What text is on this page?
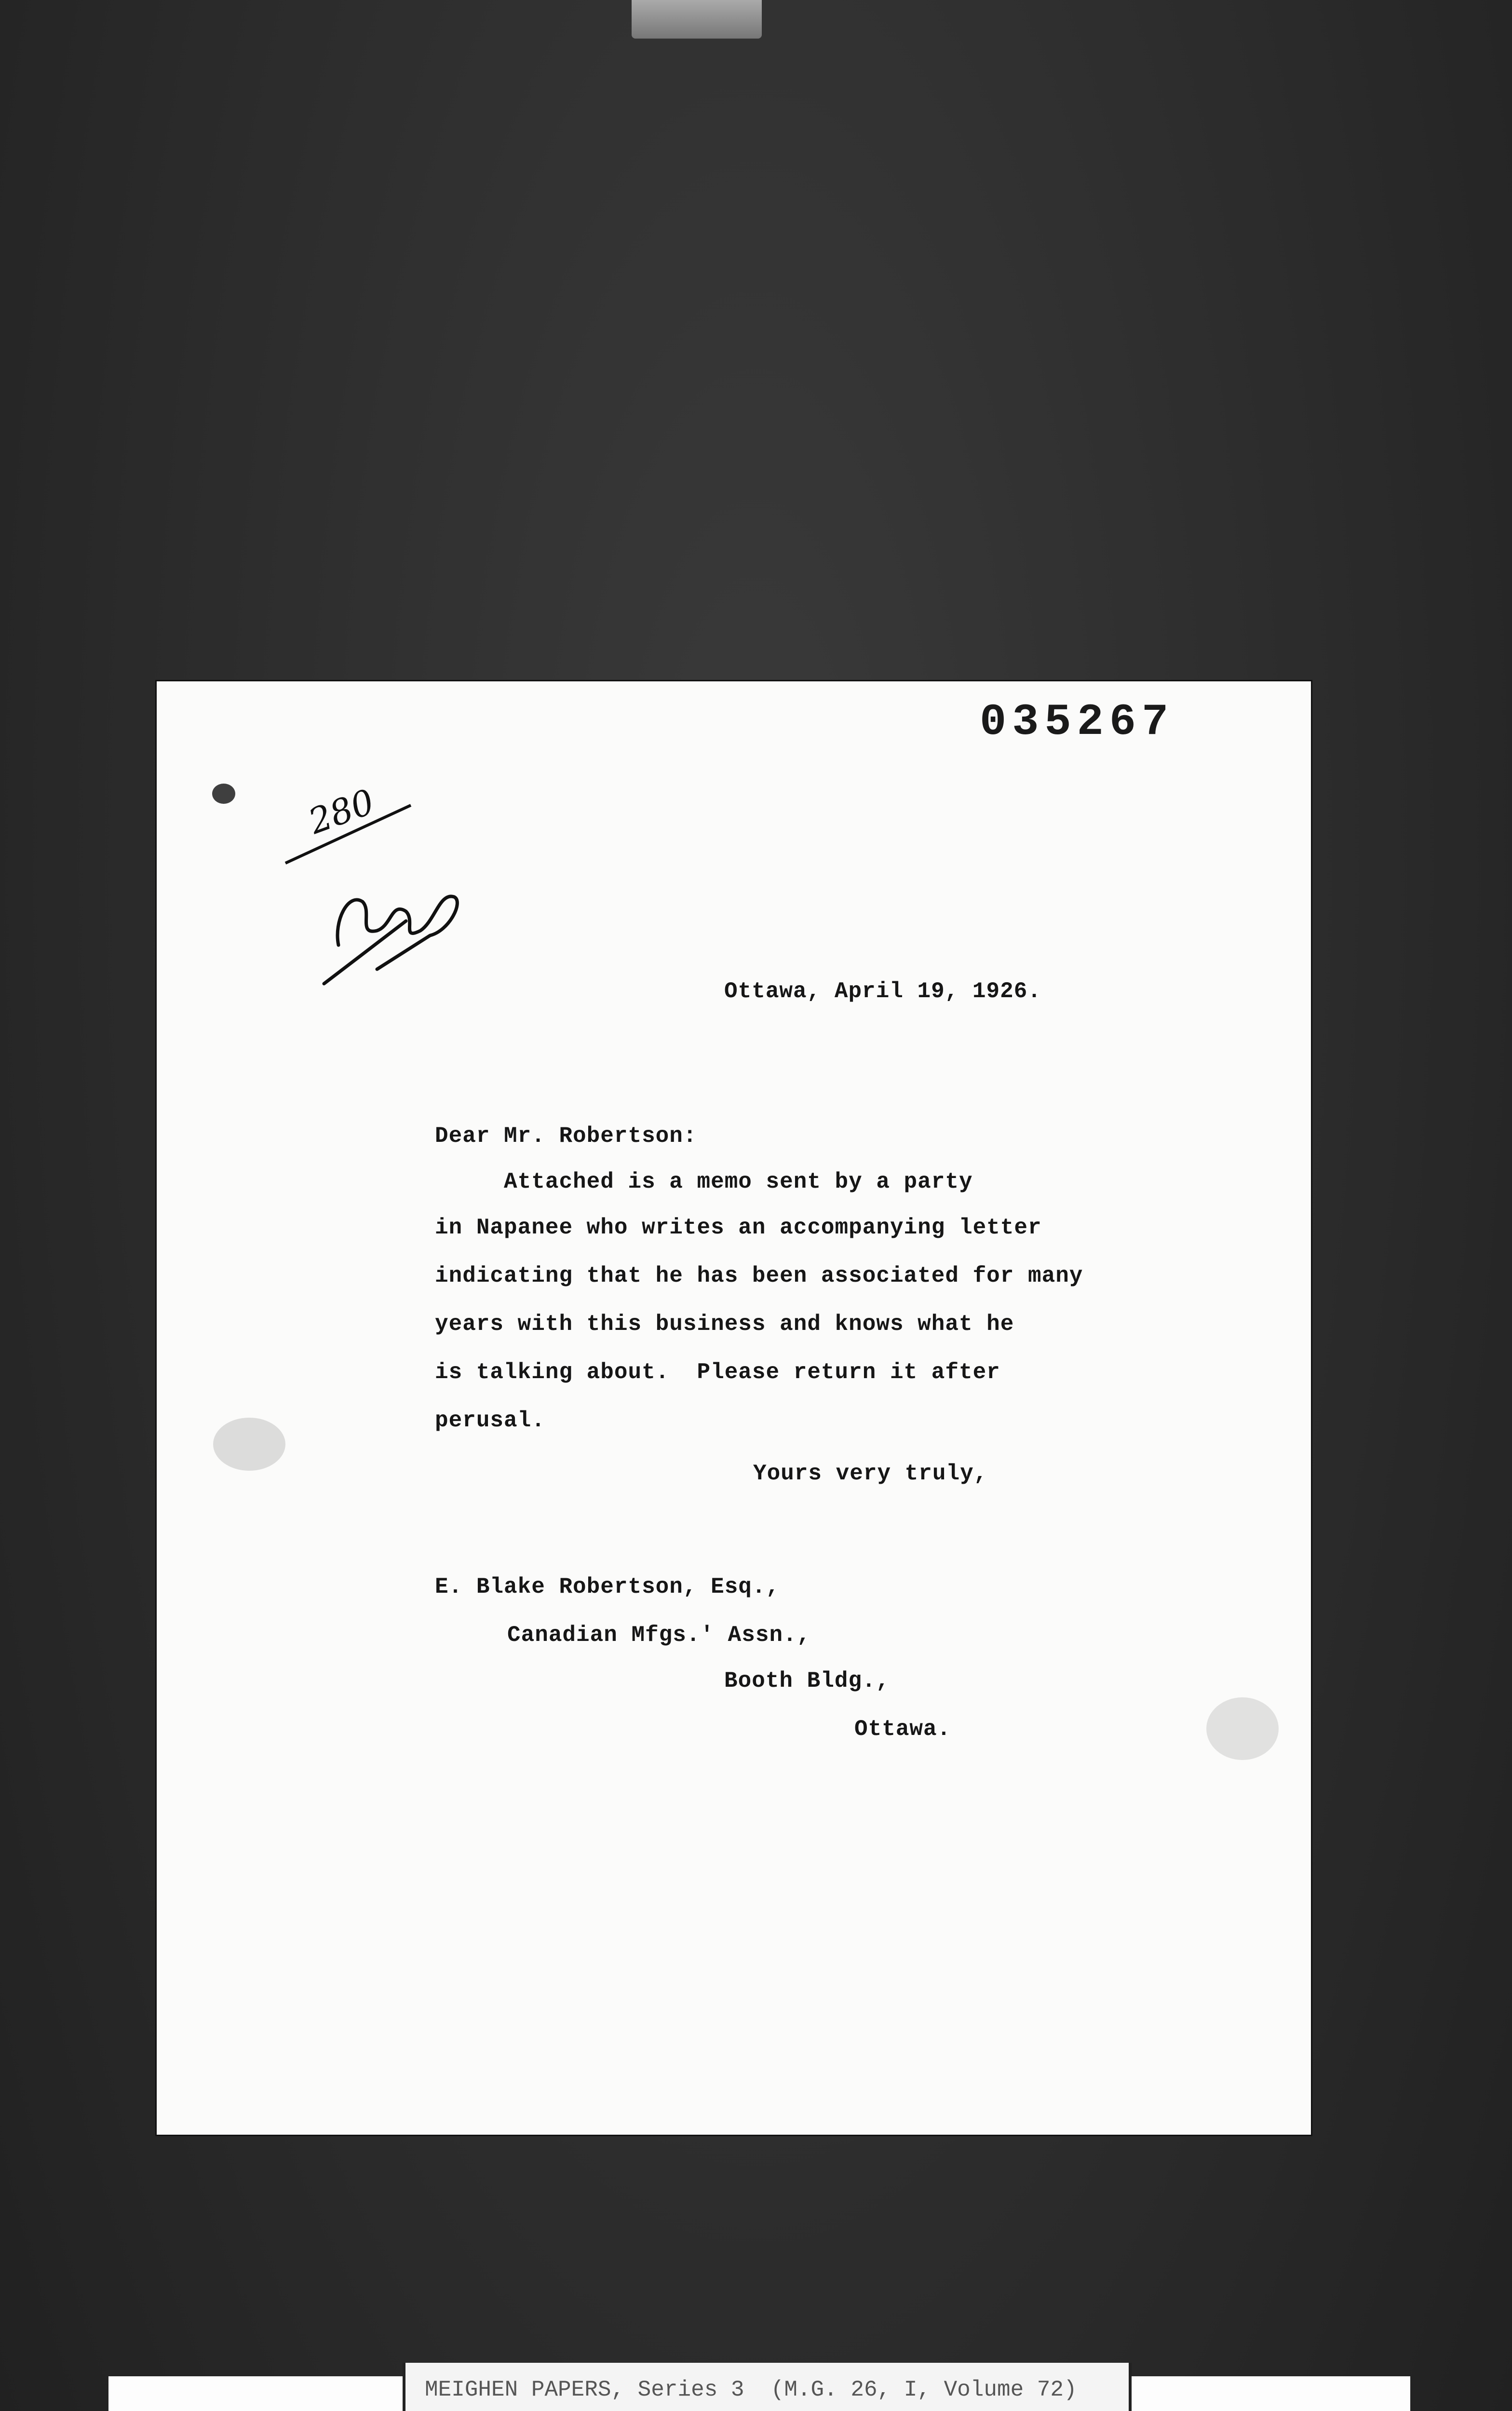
035267
280
Ottawa, April 19, 1926.
Dear Mr. Robertson:
Attached is a memo sent by a party
in Napanee who writes an accompanying letter
indicating that he has been associated for many
years with this business and knows what he
is talking about.  Please return it after
perusal.
Yours very truly,
E. Blake Robertson, Esq.,
Canadian Mfgs.' Assn.,
Booth Bldg.,
Ottawa.
MEIGHEN PAPERS, Series 3  (M.G. 26, I, Volume 72)
